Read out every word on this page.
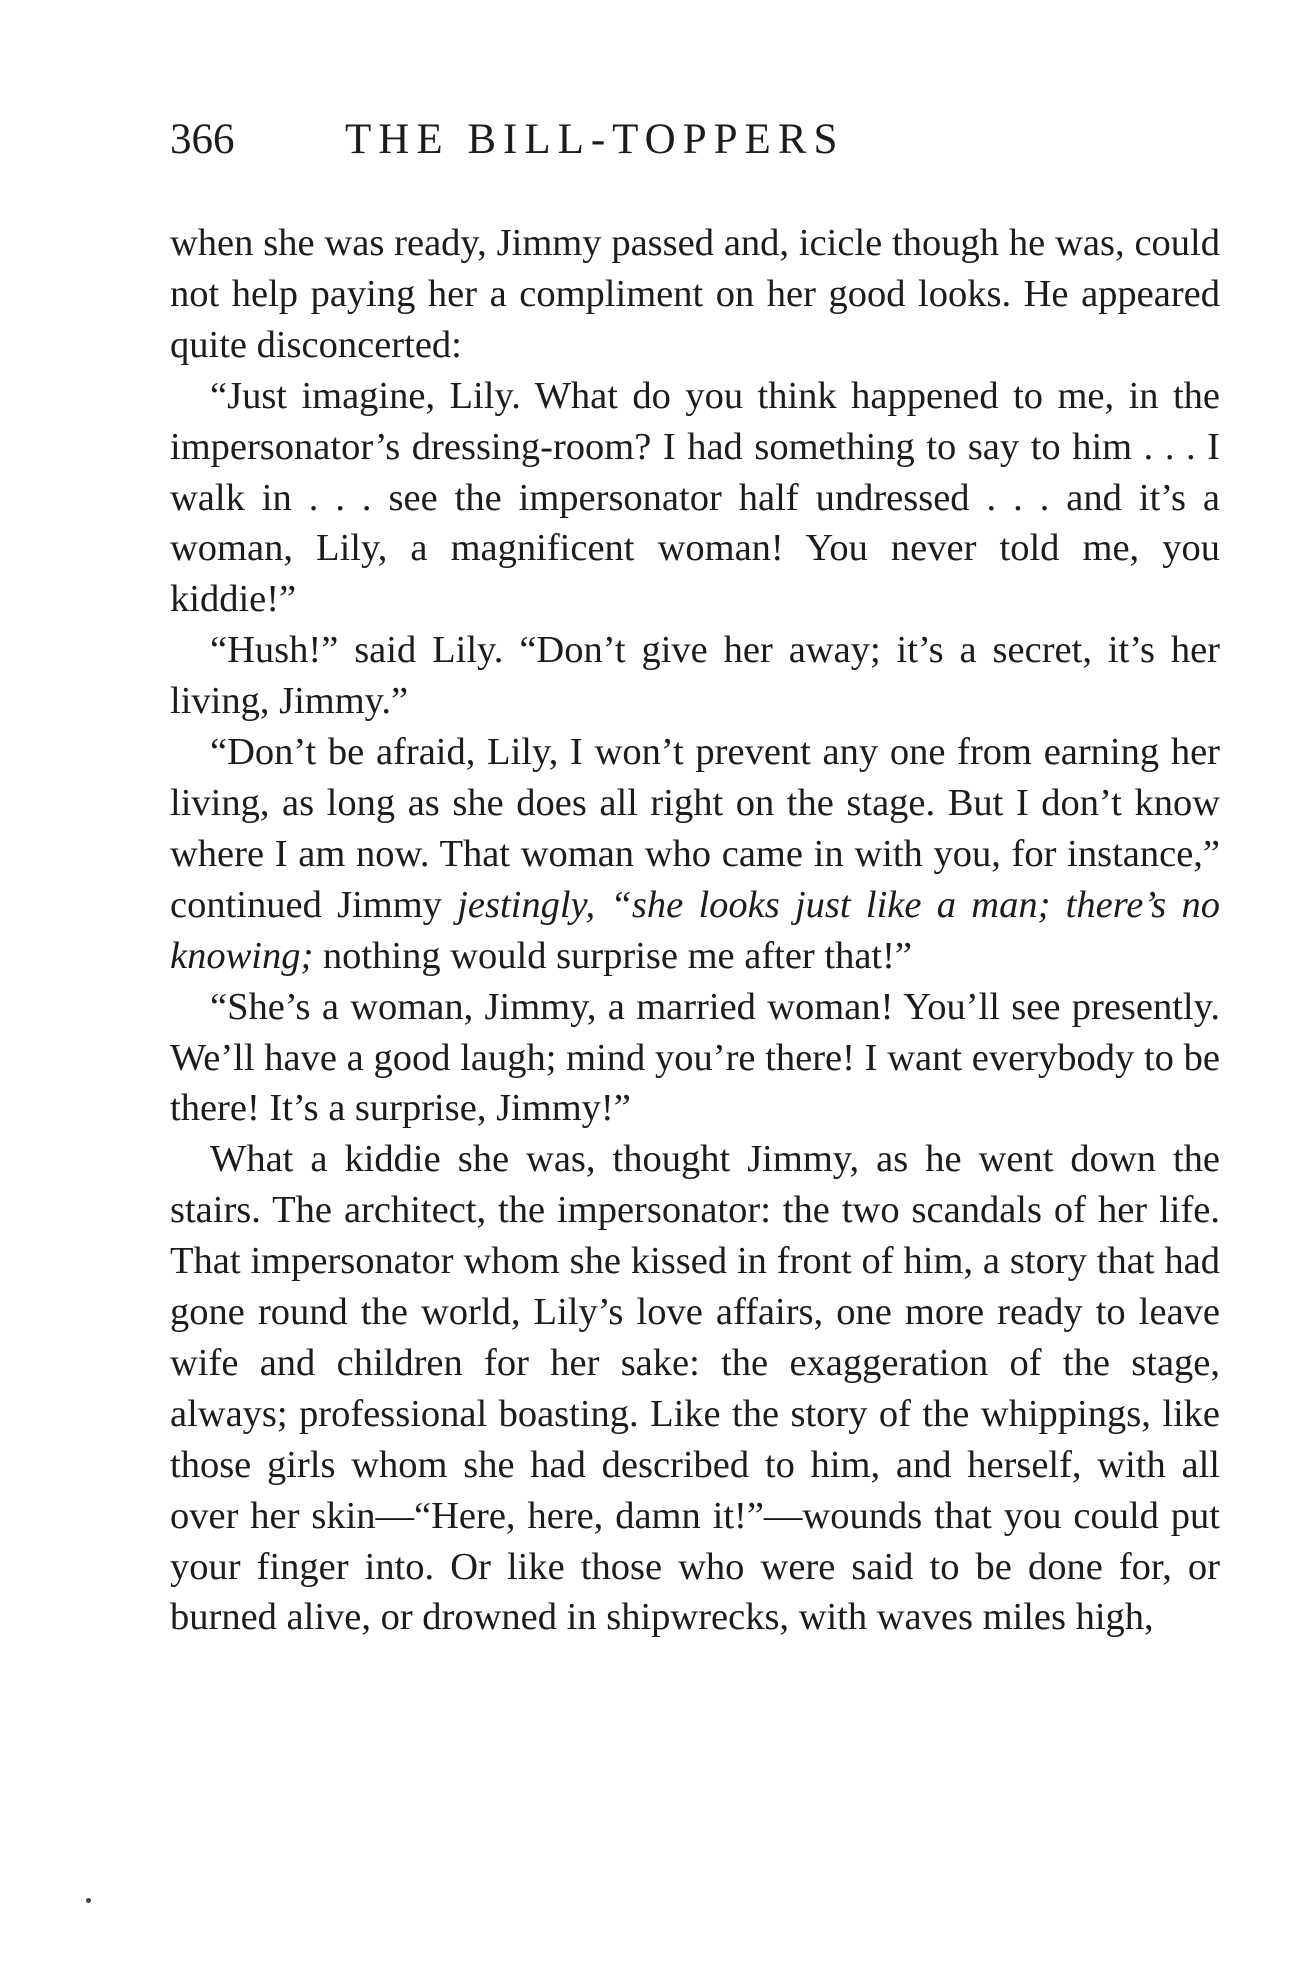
366	THE BILL-TOPPERS

when she was ready, Jimmy passed and, icicle though he was, could not help paying her a compliment on her good looks. He appeared quite disconcerted:

“Just imagine, Lily. What do you think happened to me, in the impersonator’s dressing-room? I had something to say to him . . . I walk in . . . see the impersonator half undressed . . . and it’s a woman, Lily, a magnificent woman! You never told me, you kiddie!”

“Hush!” said Lily. “Don’t give her away; it’s a secret, it’s her living, Jimmy.”

“Don’t be afraid, Lily, I won’t prevent any one from earning her living, as long as she does all right on the stage. But I don’t know where I am now. That woman who came in with you, for instance,” continued Jimmy jestingly, “she looks just like a man; there’s no knowing; nothing would surprise me after that!”

“She’s a woman, Jimmy, a married woman! You’ll see presently. We’ll have a good laugh; mind you’re there! I want everybody to be there! It’s a surprise, Jimmy!”

What a kiddie she was, thought Jimmy, as he went down the stairs. The architect, the impersonator: the two scandals of her life. That impersonator whom she kissed in front of him, a story that had gone round the world, Lily’s love affairs, one more ready to leave wife and children for her sake: the exaggeration of the stage, always; professional boasting. Like the story of the whippings, like those girls whom she had described to him, and herself, with all over her skin—“Here, here, damn it!”—wounds that you could put your finger into. Or like those who were said to be done for, or burned alive, or drowned in shipwrecks, with waves miles high,
